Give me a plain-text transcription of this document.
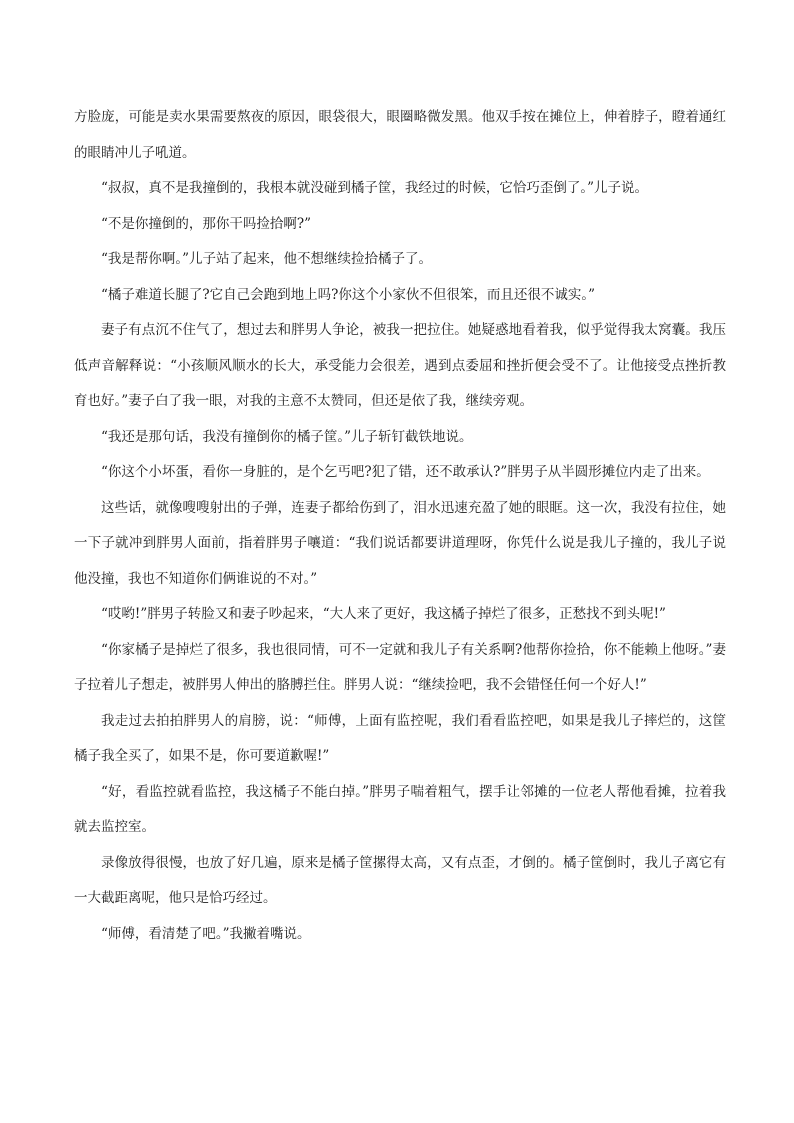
方脸庞，可能是卖水果需要熬夜的原因，眼袋很大，眼圈略微发黑。他双手按在摊位上，伸着脖子，瞪着通红的眼睛冲儿子吼道。

“叔叔，真不是我撞倒的，我根本就没碰到橘子筐，我经过的时候，它恰巧歪倒了。”儿子说。

“不是你撞倒的，那你干吗捡拾啊?”

“我是帮你啊。”儿子站了起来，他不想继续捡拾橘子了。

“橘子难道长腿了?它自己会跑到地上吗?你这个小家伙不但很笨，而且还很不诚实。”

妻子有点沉不住气了，想过去和胖男人争论，被我一把拉住。她疑惑地看着我，似乎觉得我太窝囊。我压低声音解释说：“小孩顺风顺水的长大，承受能力会很差，遇到点委屈和挫折便会受不了。让他接受点挫折教育也好。”妻子白了我一眼，对我的主意不太赞同，但还是依了我，继续旁观。

“我还是那句话，我没有撞倒你的橘子筐。”儿子斩钉截铁地说。

“你这个小坏蛋，看你一身脏的，是个乞丐吧?犯了错，还不敢承认?”胖男子从半圆形摊位内走了出来。

这些话，就像嗖嗖射出的子弹，连妻子都给伤到了，泪水迅速充盈了她的眼眶。这一次，我没有拉住，她一下子就冲到胖男人面前，指着胖男子嚷道：“我们说话都要讲道理呀，你凭什么说是我儿子撞的，我儿子说他没撞，我也不知道你们俩谁说的不对。”

“哎哟!”胖男子转脸又和妻子吵起来，“大人来了更好，我这橘子掉烂了很多，正愁找不到头呢!”

“你家橘子是掉烂了很多，我也很同情，可不一定就和我儿子有关系啊?他帮你捡拾，你不能赖上他呀。”妻子拉着儿子想走，被胖男人伸出的胳膊拦住。胖男人说：“继续捡吧，我不会错怪任何一个好人!”

我走过去拍拍胖男人的肩膀，说：“师傅，上面有监控呢，我们看看监控吧，如果是我儿子摔烂的，这筐橘子我全买了，如果不是，你可要道歉喔!”

“好，看监控就看监控，我这橘子不能白掉。”胖男子喘着粗气，摆手让邻摊的一位老人帮他看摊，拉着我就去监控室。

录像放得很慢，也放了好几遍，原来是橘子筐摞得太高，又有点歪，才倒的。橘子筐倒时，我儿子离它有一大截距离呢，他只是恰巧经过。

“师傅，看清楚了吧。”我撇着嘴说。
